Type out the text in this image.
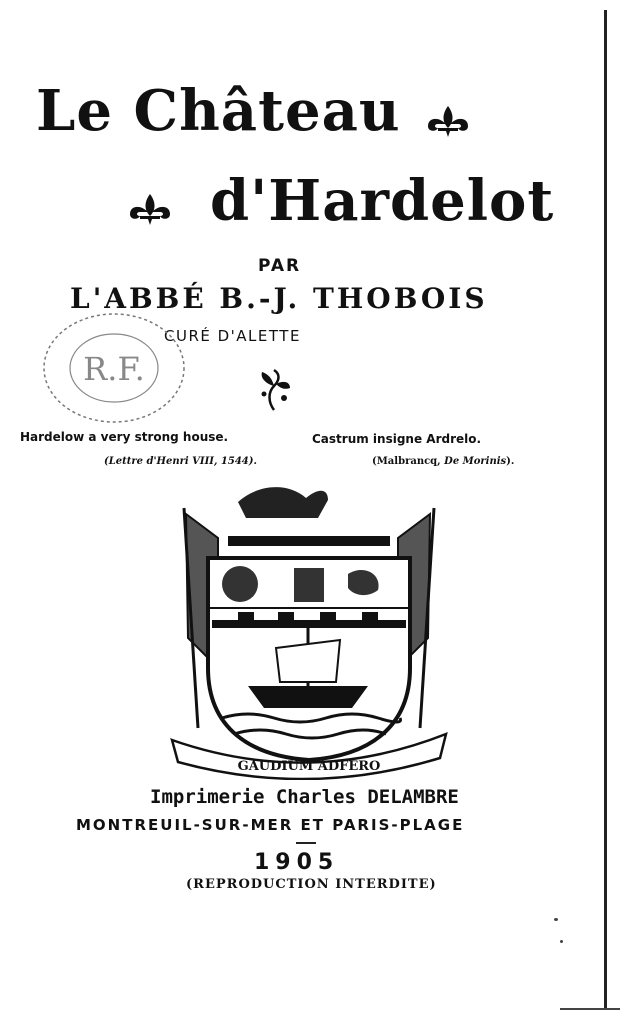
Le Château
d'Hardelot
PAR
L'ABBÉ B.-J. THOBOIS
CURÉ D'ALETTE
R.F.
Hardelow a very strong house.
(Lettre d'Henri VIII, 1544).
Castrum insigne Ardrelo.
(Malbrancq, De Morinis).
GAUDIUM ADFERO
Imprimerie Charles DELAMBRE
MONTREUIL-SUR-MER ET PARIS-PLAGE
1905
(REPRODUCTION INTERDITE)
